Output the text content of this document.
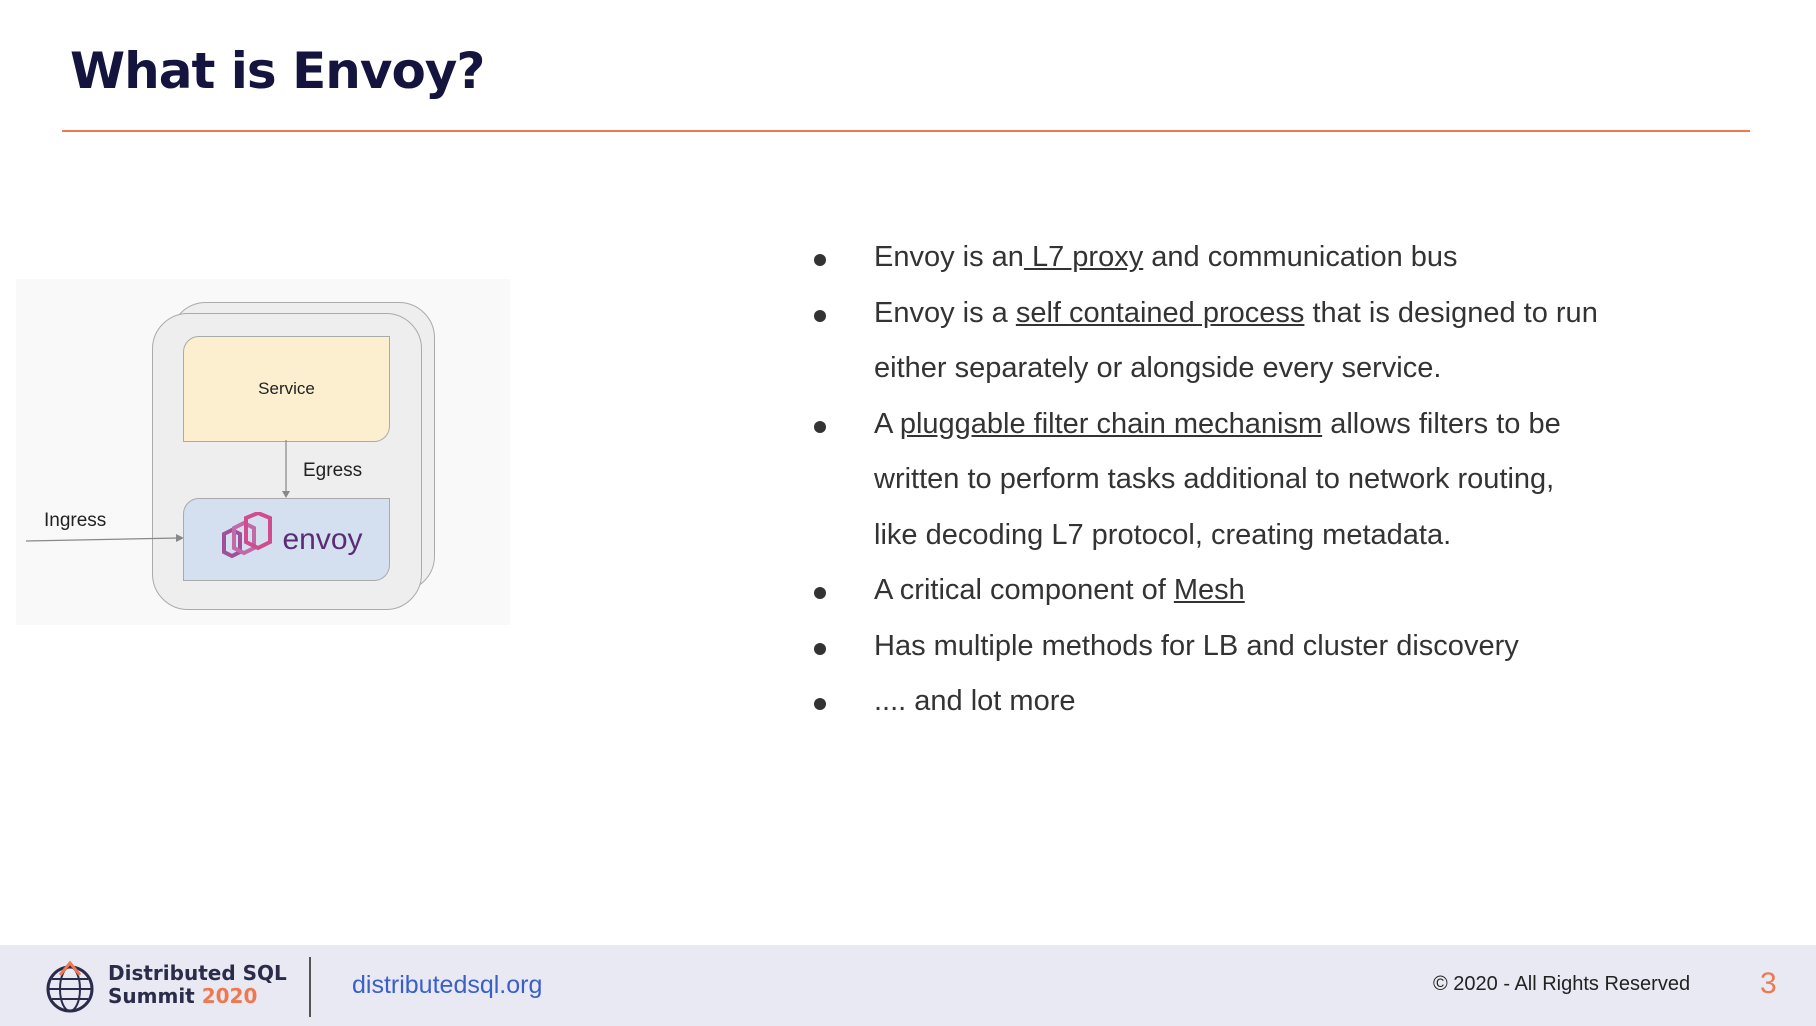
What is Envoy?
Service
Egress
Ingress
envoy
Envoy is an L7 proxy and communication bus
Envoy is a self contained process that is designed to run
either separately or alongside every service.
A pluggable filter chain mechanism allows filters to be
written to perform tasks additional to network routing,
like decoding L7 protocol, creating metadata.
A critical component of Mesh
Has multiple methods for LB and cluster discovery
.... and lot more
Distributed SQL
Summit 2020	distributedsql.org	© 2020 - All Rights Reserved 3
